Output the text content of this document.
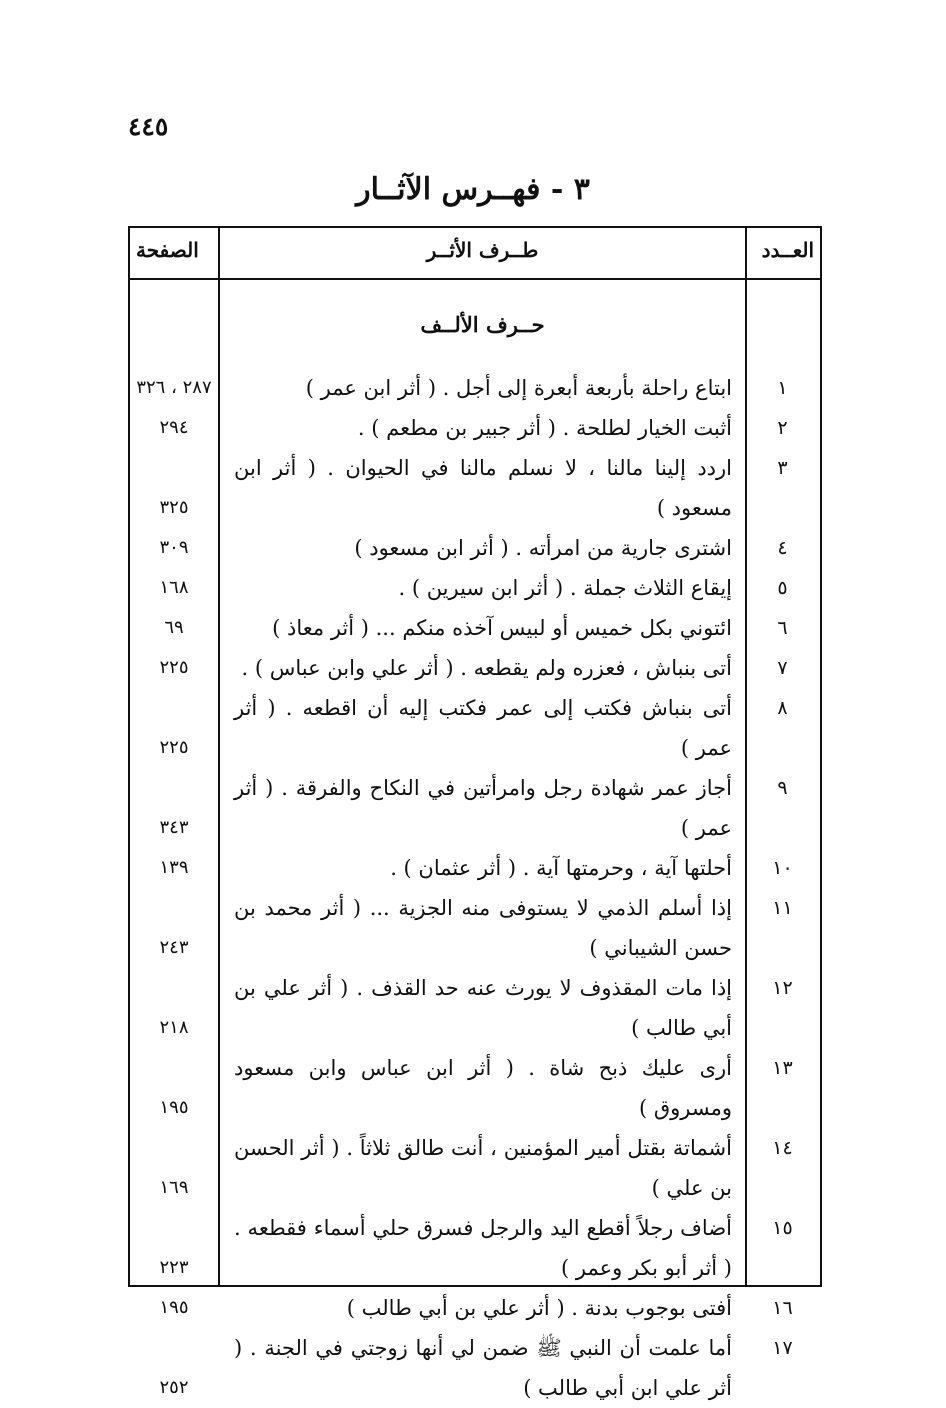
٤٤٥
٣ - فهــرس الآثــار
العــدد
طــرف الأثــر
الصفحة
حــرف الألــف
١
ابتاع راحلة بأربعة أبعرة إلى أجل . ( أثر ابن عمر )
٢٨٧ ، ٣٢٦
٢
أثبت الخيار لطلحة . ( أثر جبير بن مطعم ) .
٢٩٤
٣
اردد إلينا مالنا ، لا نسلم مالنا في الحيوان . ( أثر ابن مسعود )
٣٢٥
٤
اشترى جارية من امرأته . ( أثر ابن مسعود )
٣٠٩
٥
إيقاع الثلاث جملة . ( أثر ابن سيرين ) .
١٦٨
٦
ائتوني بكل خميس أو لبيس آخذه منكم ... ( أثر معاذ )
٦٩
٧
أتى بنباش ، فعزره ولم يقطعه . ( أثر علي وابن عباس ) .
٢٢٥
٨
أتى بنباش فكتب إلى عمر فكتب إليه أن اقطعه . ( أثر عمر )
٢٢٥
٩
أجاز عمر شهادة رجل وامرأتين في النكاح والفرقة . ( أثر عمر )
٣٤٣
١٠
أحلتها آية ، وحرمتها آية . ( أثر عثمان ) .
١٣٩
١١
إذا أسلم الذمي لا يستوفى منه الجزية ... ( أثر محمد بن حسن الشيباني )
٢٤٣
١٢
إذا مات المقذوف لا يورث عنه حد القذف . ( أثر علي بن أبي طالب )
٢١٨
١٣
أرى عليك ذبح شاة . ( أثر ابن عباس وابن مسعود ومسروق )
١٩٥
١٤
أشماتة بقتل أمير المؤمنين ، أنت طالق ثلاثاً . ( أثر الحسن بن علي )
١٦٩
١٥
أضاف رجلاً أقطع اليد والرجل فسرق حلي أسماء فقطعه . ( أثر أبو بكر وعمر )
٢٢٣
١٦
أفتى بوجوب بدنة . ( أثر علي بن أبي طالب )
١٩٥
١٧
أما علمت أن النبي ﷺ ضمن لي أنها زوجتي في الجنة . ( أثر علي ابن أبي طالب )
٢٥٢
